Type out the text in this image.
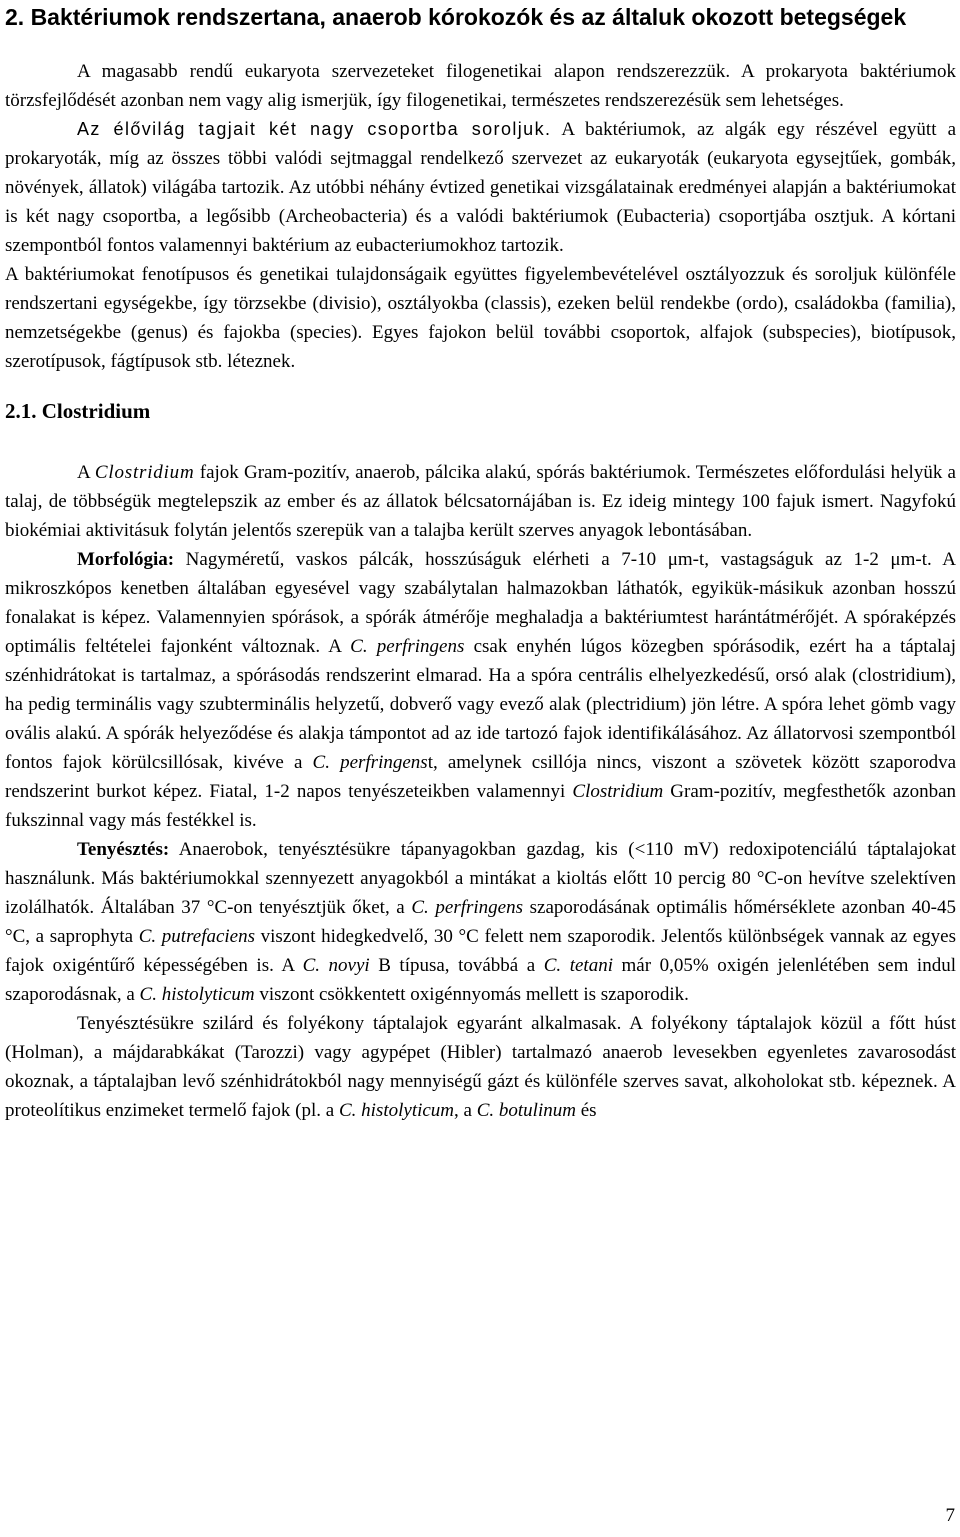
2. Baktériumok rendszertana, anaerob kórokozók és az általuk okozott betegségek

A magasabb rendű eukaryota szervezeteket filogenetikai alapon rendszerezzük. A prokaryota baktériumok törzsfejlődését azonban nem vagy alig ismerjük, így filogenetikai, természetes rendszerezésük sem lehetséges.

Az élővilág tagjait két nagy csoportba soroljuk. A baktériumok, az algák egy részével együtt a prokaryoták, míg az összes többi valódi sejtmaggal rendelkező szervezet az eukaryoták (eukaryota egysejtűek, gombák, növények, állatok) világába tartozik. Az utóbbi néhány évtized genetikai vizsgálatainak eredményei alapján a baktériumokat is két nagy csoportba, a legősibb (Archeobacteria) és a valódi baktériumok (Eubacteria) csoportjába osztjuk. A kórtani szempontból fontos valamennyi baktérium az eubacteriumokhoz tartozik.

A baktériumokat fenotípusos és genetikai tulajdonságaik együttes figyelembevételével osztályozzuk és soroljuk különféle rendszertani egységekbe, így törzsekbe (divisio), osztályokba (classis), ezeken belül rendekbe (ordo), családokba (familia), nemzetségekbe (genus) és fajokba (species). Egyes fajokon belül további csoportok, alfajok (subspecies), biotípusok, szerotípusok, fágtípusok stb. léteznek.

2.1. Clostridium

A Clostridium fajok Gram-pozitív, anaerob, pálcika alakú, spórás baktériumok. Természetes előfordulási helyük a talaj, de többségük megtelepszik az ember és az állatok bélcsatornájában is. Ez ideig mintegy 100 fajuk ismert. Nagyfokú biokémiai aktivitásuk folytán jelentős szerepük van a talajba került szerves anyagok lebontásában.

Morfológia: Nagyméretű, vaskos pálcák, hosszúságuk elérheti a 7-10 μm-t, vastagságuk az 1-2 μm-t. A mikroszkópos kenetben általában egyesével vagy szabálytalan halmazokban láthatók, egyikük-másikuk azonban hosszú fonalakat is képez. Valamennyien spórások, a spórák átmérője meghaladja a baktériumtest harántátmérőjét. A spóraképzés optimális feltételei fajonként változnak. A C. perfringens csak enyhén lúgos közegben spórásodik, ezért ha a táptalaj szénhidrátokat is tartalmaz, a spórásodás rendszerint elmarad. Ha a spóra centrális elhelyezkedésű, orsó alak (clostridium), ha pedig terminális vagy szubterminális helyzetű, dobverő vagy evező alak (plectridium) jön létre. A spóra lehet gömb vagy ovális alakú. A spórák helyeződése és alakja támpontot ad az ide tartozó fajok identifikálásához. Az állatorvosi szempontból fontos fajok körülcsillósak, kivéve a C. perfringenst, amelynek csillója nincs, viszont a szövetek között szaporodva rendszerint burkot képez. Fiatal, 1-2 napos tenyészeteikben valamennyi Clostridium Gram-pozitív, megfesthetők azonban fukszinnal vagy más festékkel is.

Tenyésztés: Anaerobok, tenyésztésükre tápanyagokban gazdag, kis (<110 mV) redoxipotenciálú táptalajokat használunk. Más baktériumokkal szennyezett anyagokból a mintákat a kioltás előtt 10 percig 80 °C-on hevítve szelektíven izolálhatók. Általában 37 °C-on tenyésztjük őket, a C. perfringens szaporodásának optimális hőmérséklete azonban 40-45 °C, a saprophyta C. putrefaciens viszont hidegkedvelő, 30 °C felett nem szaporodik. Jelentős különbségek vannak az egyes fajok oxigéntűrő képességében is. A C. novyi B típusa, továbbá a C. tetani már 0,05% oxigén jelenlétében sem indul szaporodásnak, a C. histolyticum viszont csökkentett oxigénnyomás mellett is szaporodik.

Tenyésztésükre szilárd és folyékony táptalajok egyaránt alkalmasak. A folyékony táptalajok közül a főtt húst (Holman), a májdarabkákat (Tarozzi) vagy agypépet (Hibler) tartalmazó anaerob levesekben egyenletes zavarosodást okoznak, a táptalajban levő szénhidrátokból nagy mennyiségű gázt és különféle szerves savat, alkoholokat stb. képeznek. A proteolítikus enzimeket termelő fajok (pl. a C. histolyticum, a C. botulinum és

7
